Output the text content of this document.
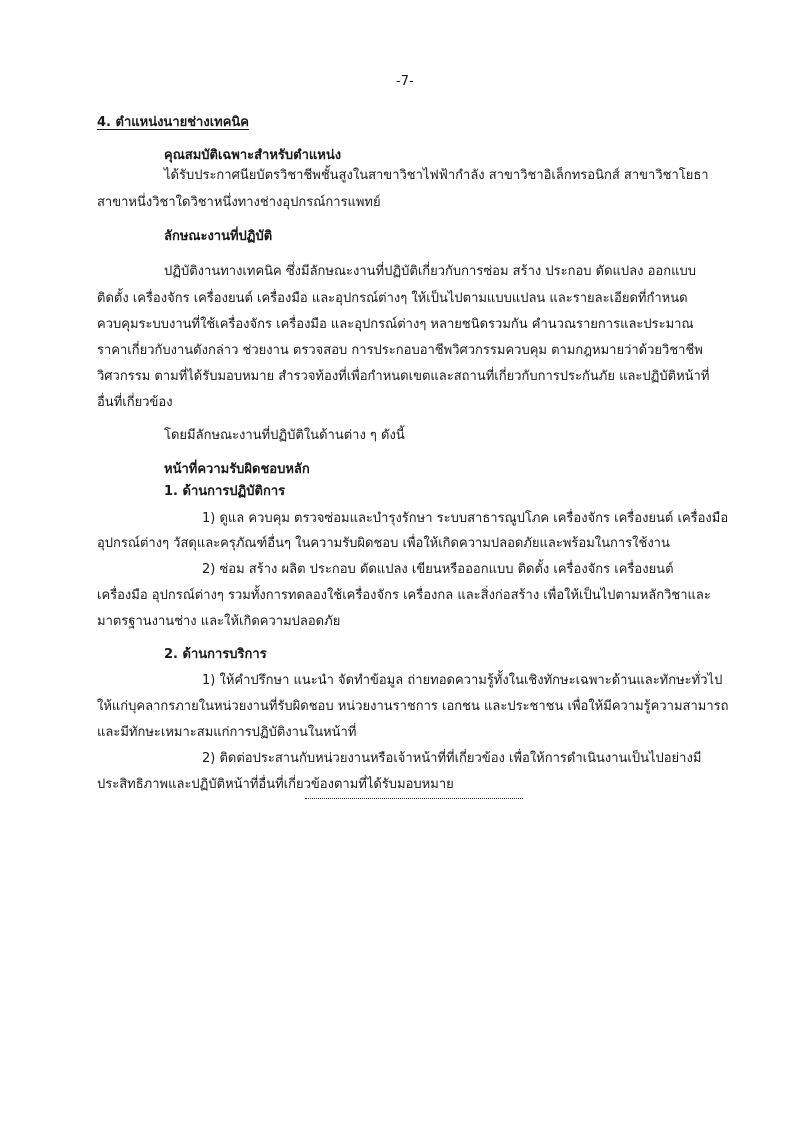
-7-
4. ตำแหน่งนายช่างเทคนิค
คุณสมบัติเฉพาะสำหรับตำแหน่ง
ได้รับประกาศนียบัตรวิชาชีพชั้นสูงในสาขาวิชาไฟฟ้ากำลัง สาขาวิชาอิเล็กทรอนิกส์ สาขาวิชาโยธา
สาขาหนึ่งวิชาใดวิชาหนึ่งทางช่างอุปกรณ์การแพทย์
ลักษณะงานที่ปฏิบัติ
ปฏิบัติงานทางเทคนิค ซึ่งมีลักษณะงานที่ปฏิบัติเกี่ยวกับการซ่อม สร้าง ประกอบ ดัดแปลง ออกแบบ
ติดตั้ง เครื่องจักร เครื่องยนต์ เครื่องมือ และอุปกรณ์ต่างๆ ให้เป็นไปตามแบบแปลน และรายละเอียดที่กำหนด
ควบคุมระบบงานที่ใช้เครื่องจักร เครื่องมือ และอุปกรณ์ต่างๆ หลายชนิดรวมกัน คำนวณรายการและประมาณ
ราคาเกี่ยวกับงานดังกล่าว ช่วยงาน ตรวจสอบ การประกอบอาชีพวิศวกรรมควบคุม ตามกฎหมายว่าด้วยวิชาชีพ
วิศวกรรม ตามที่ได้รับมอบหมาย สำรวจท้องที่เพื่อกำหนดเขตและสถานที่เกี่ยวกับการประกันภัย และปฏิบัติหน้าที่
อื่นที่เกี่ยวข้อง
โดยมีลักษณะงานที่ปฏิบัติในด้านต่าง ๆ ดังนี้
หน้าที่ความรับผิดชอบหลัก
1. ด้านการปฏิบัติการ
1) ดูแล ควบคุม ตรวจซ่อมและบำรุงรักษา ระบบสาธารณูปโภค เครื่องจักร เครื่องยนต์ เครื่องมือ
อุปกรณ์ต่างๆ วัสดุและครุภัณฑ์อื่นๆ ในความรับผิดชอบ เพื่อให้เกิดความปลอดภัยและพร้อมในการใช้งาน
2) ซ่อม สร้าง ผลิต ประกอบ ดัดแปลง เขียนหรือออกแบบ ติดตั้ง เครื่องจักร เครื่องยนต์
เครื่องมือ อุปกรณ์ต่างๆ รวมทั้งการทดลองใช้เครื่องจักร เครื่องกล และสิ่งก่อสร้าง เพื่อให้เป็นไปตามหลักวิชาและ
มาตรฐานงานช่าง และให้เกิดความปลอดภัย
2. ด้านการบริการ
1) ให้คำปรึกษา แนะนำ จัดทำข้อมูล ถ่ายทอดความรู้ทั้งในเชิงทักษะเฉพาะด้านและทักษะทั่วไป
ให้แก่บุคลากรภายในหน่วยงานที่รับผิดชอบ หน่วยงานราชการ เอกชน และประชาชน เพื่อให้มีความรู้ความสามารถ
และมีทักษะเหมาะสมแก่การปฏิบัติงานในหน้าที่
2) ติดต่อประสานกับหน่วยงานหรือเจ้าหน้าที่ที่เกี่ยวข้อง เพื่อให้การดำเนินงานเป็นไปอย่างมี
ประสิทธิภาพและปฏิบัติหน้าที่อื่นที่เกี่ยวข้องตามที่ได้รับมอบหมาย
